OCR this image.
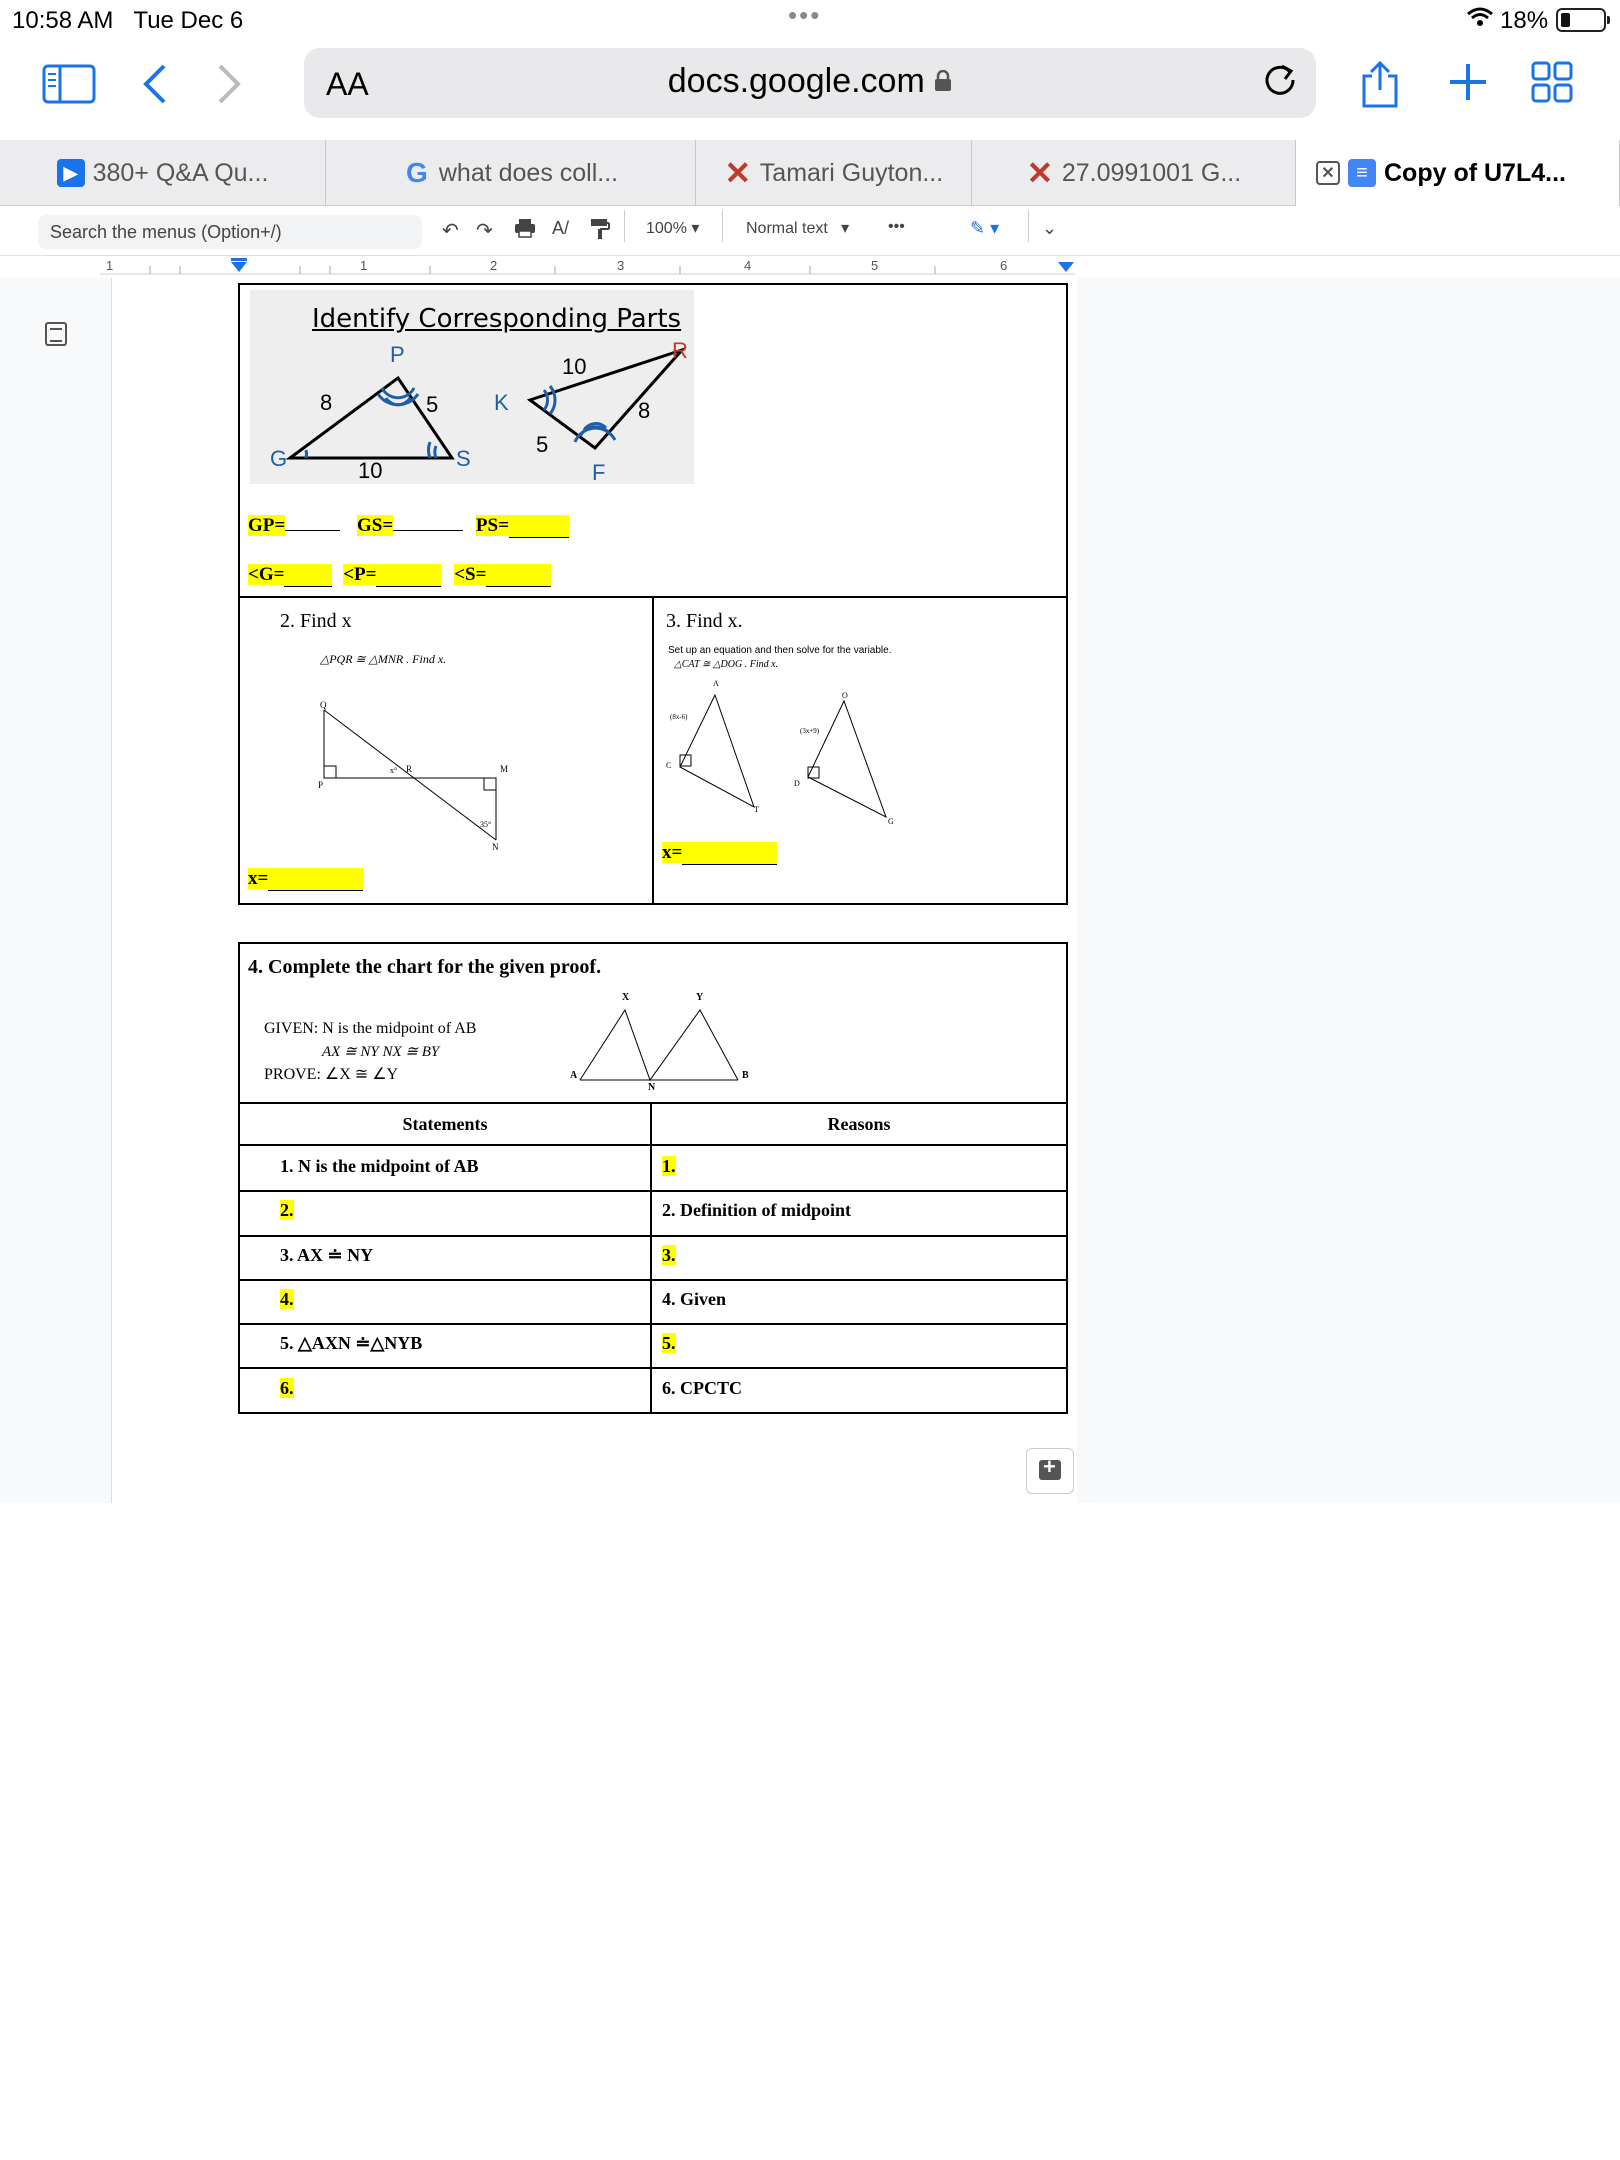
10:58 AM Tue Dec 6	•••	18%
AA	docs.google.com
▶ 380+ Q&A Qu...	G what does coll...	✕ Tamari Guyton...	✕ 27.0991001 G...	✕	≡ Copy of U7L4...
Search the menus (Option+/)	↶ ↷	A/	100% ▾	Normal text   ▾ •••	✎ ▾ ⌄
1	1	2	3	4	5	6
Identify Corresponding Parts
P
G	S
K
R
F
8	5
10
10
8
5
GP=	GS=	PS=
<G=	<P=	<S=
2. Find x
△PQR ≅ △MNR . Find x.
Q
P
R
x°	M
N
35°
x=
3. Find x.
Set up an equation and then solve for the variable.
△CAT ≅ △DOG . Find x.
A
C
T
O
D
G
(8x-6)
(3x+9)
x=
4. Complete the chart for the given proof.
GIVEN: N is the midpoint of AB
AX ≅ NY NX ≅ BY
PROVE: ∠X ≅ ∠Y
X	Y
A
N
B
Statements	Reasons
1. N is the midpoint of AB	1.
2.	2. Definition of midpoint
3. AX ≐ NY	3.
4.	4. Given
5. △AXN ≐△NYB	5.
6.	6. CPCTC
+
